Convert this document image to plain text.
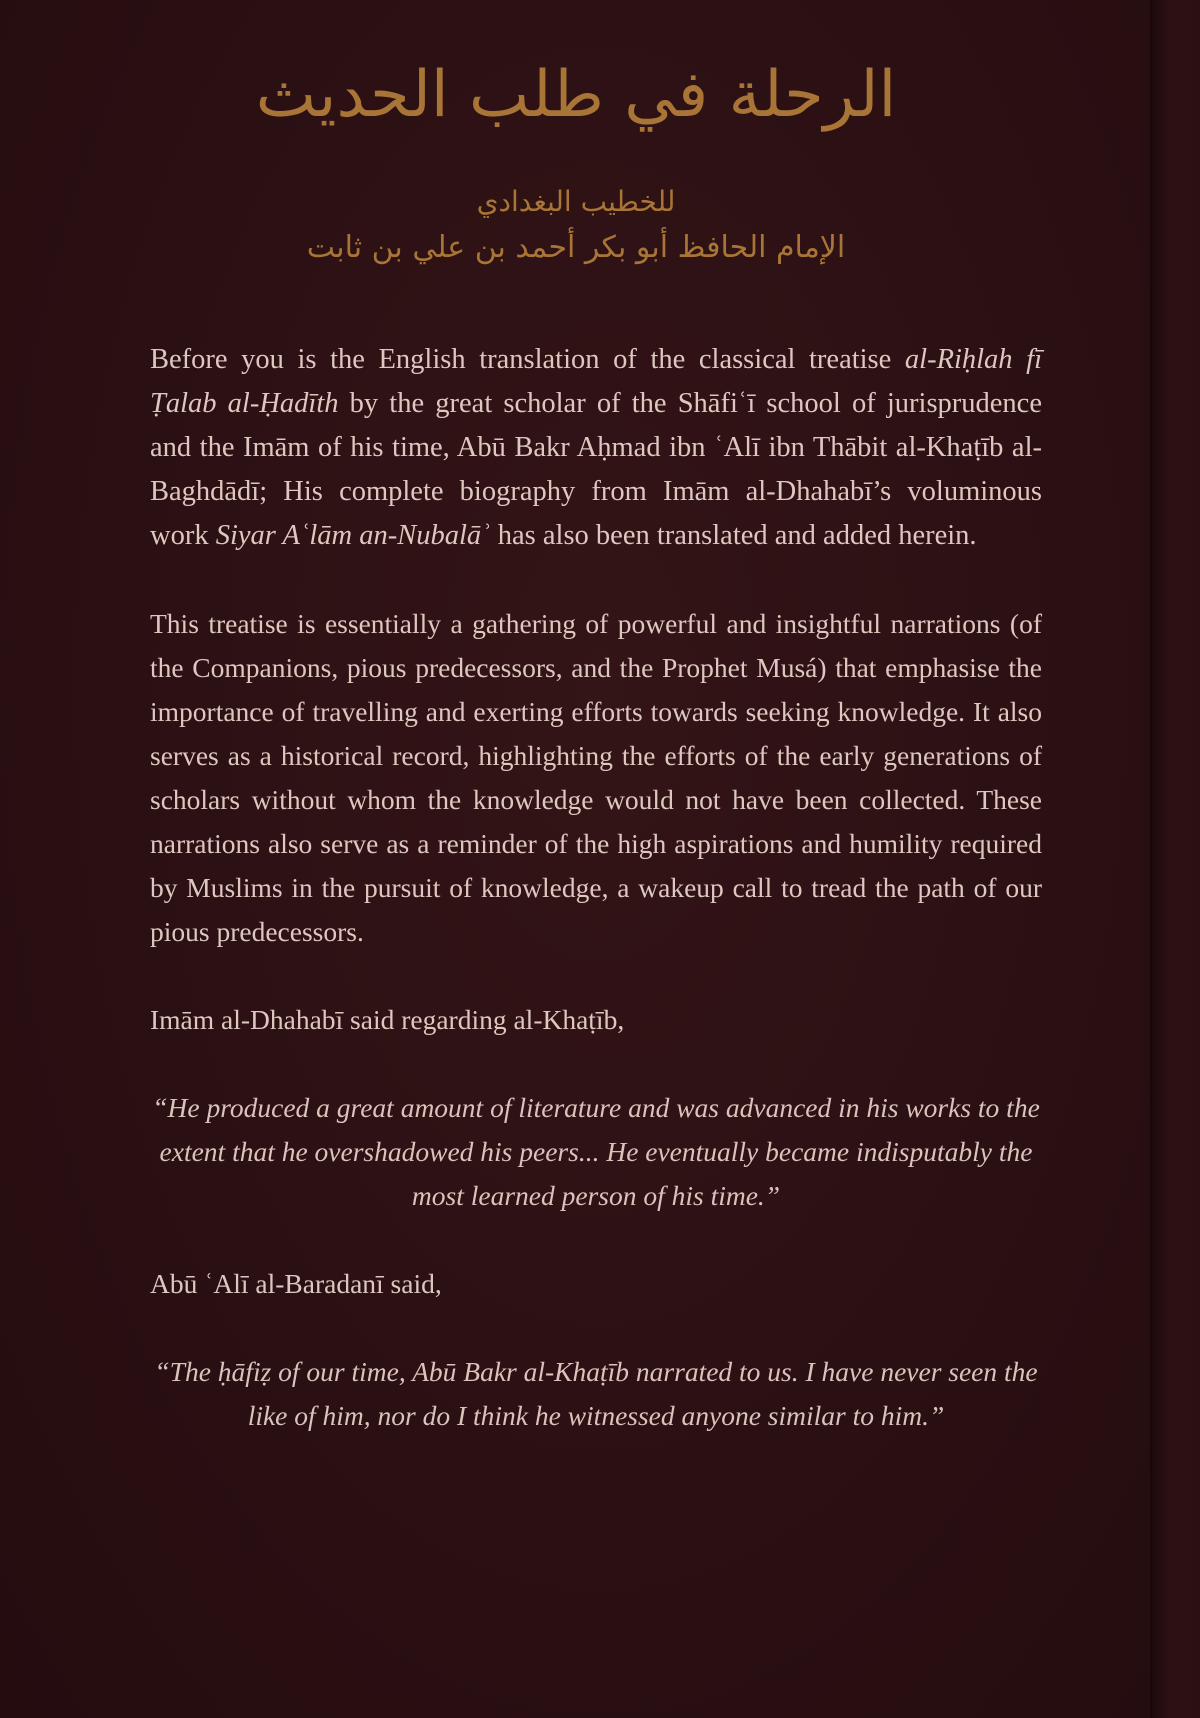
الرحلة في طلب الحديث

للخطيب البغدادي

الإمام الحافظ أبو بكر أحمد بن علي بن ثابت

Before you is the English translation of the classical treatise al-Riḥlah fī Ṭalab al-Ḥadīth by the great scholar of the Shāfiʿī school of jurisprudence and the Imām of his time, Abū Bakr Aḥmad ibn ʿAlī ibn Thābit al-Khaṭīb al-Baghdādī; His complete biography from Imām al-Dhahabī’s voluminous work Siyar Aʿlām an-Nubalāʾ has also been translated and added herein.

This treatise is essentially a gathering of powerful and insightful narrations (of the Companions, pious predecessors, and the Prophet Musá) that emphasise the importance of travelling and exerting efforts towards seeking knowledge. It also serves as a historical record, highlighting the efforts of the early generations of scholars without whom the knowledge would not have been collected. These narrations also serve as a reminder of the high aspirations and humility required by Muslims in the pursuit of knowledge, a wakeup call to tread the path of our pious predecessors.

Imām al-Dhahabī said regarding al-Khaṭīb,

“He produced a great amount of literature and was advanced in his works to the extent that he overshadowed his peers... He eventually became indisputably the most learned person of his time.”

Abū ʿAlī al-Baradanī said,

“The ḥāfiẓ of our time, Abū Bakr al-Khaṭīb narrated to us. I have never seen the like of him, nor do I think he witnessed anyone similar to him.”
